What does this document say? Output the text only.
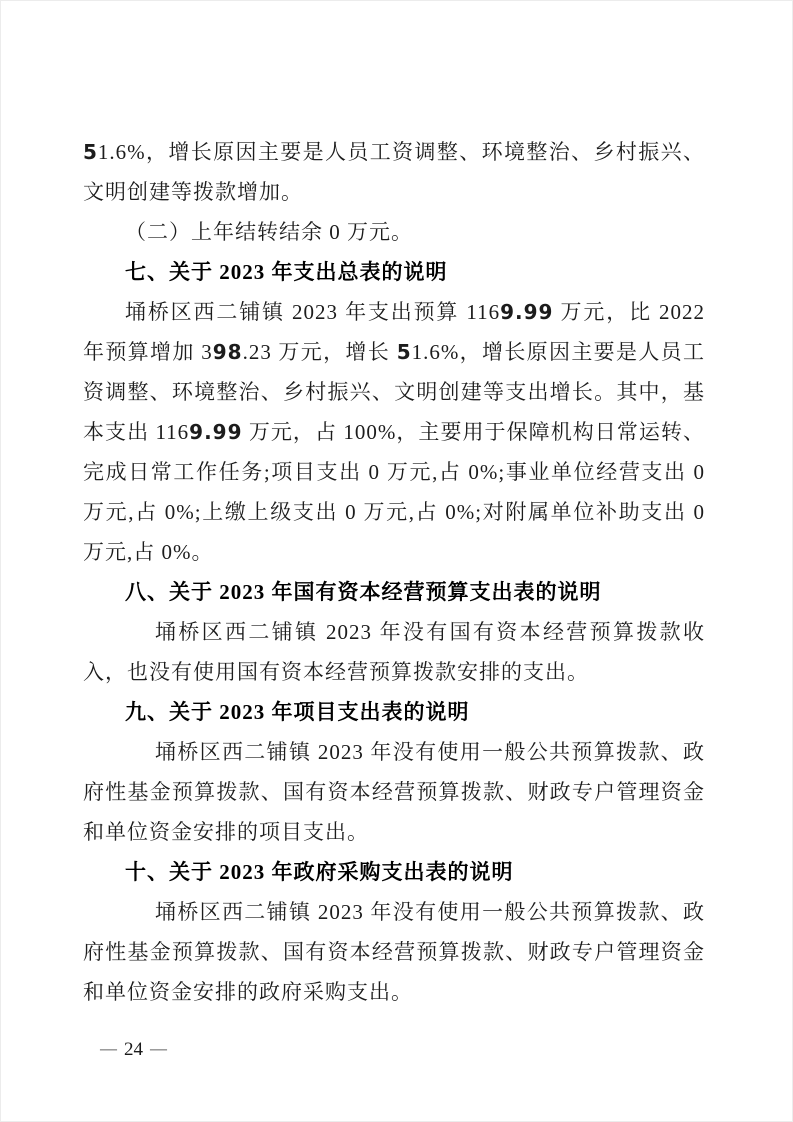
51.6%，增长原因主要是人员工资调整、环境整治、乡村振兴、文明创建等拨款增加。

（二）上年结转结余 0 万元。

七、关于 2023 年支出总表的说明

埇桥区西二铺镇 2023 年支出预算 1169.99 万元，比 2022 年预算增加 398.23 万元，增长 51.6%，增长原因主要是人员工资调整、环境整治、乡村振兴、文明创建等支出增长。其中，基本支出 1169.99 万元，占 100%，主要用于保障机构日常运转、完成日常工作任务;项目支出 0 万元,占 0%;事业单位经营支出 0 万元,占 0%;上缴上级支出 0 万元,占 0%;对附属单位补助支出 0 万元,占 0%。

八、关于 2023 年国有资本经营预算支出表的说明

埇桥区西二铺镇 2023 年没有国有资本经营预算拨款收入，也没有使用国有资本经营预算拨款安排的支出。

九、关于 2023 年项目支出表的说明

埇桥区西二铺镇 2023 年没有使用一般公共预算拨款、政府性基金预算拨款、国有资本经营预算拨款、财政专户管理资金和单位资金安排的项目支出。

十、关于 2023 年政府采购支出表的说明

埇桥区西二铺镇 2023 年没有使用一般公共预算拨款、政府性基金预算拨款、国有资本经营预算拨款、财政专户管理资金和单位资金安排的政府采购支出。

— 24 —
